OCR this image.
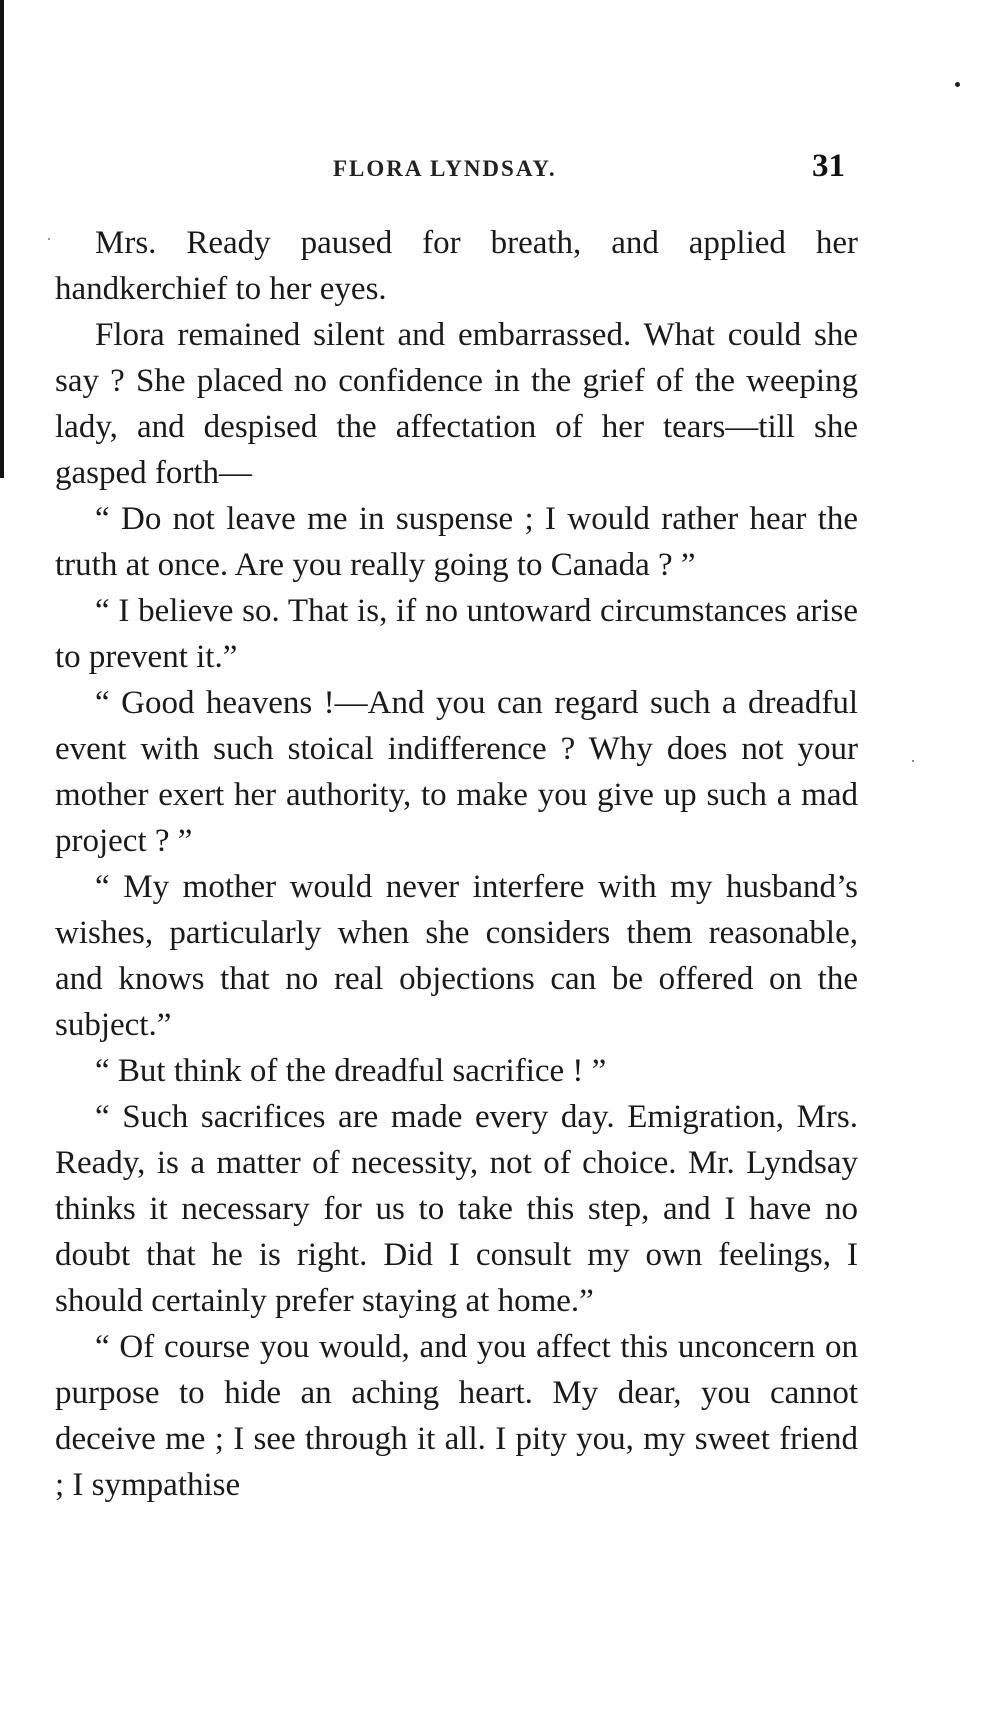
FLORA LYNDSAY.	31

Mrs. Ready paused for breath, and applied her handkerchief to her eyes.

Flora remained silent and embarrassed. What could she say ? She placed no confidence in the grief of the weeping lady, and despised the affectation of her tears—till she gasped forth—

“ Do not leave me in suspense ; I would rather hear the truth at once. Are you really going to Canada ? ”

“ I believe so. That is, if no untoward circumstances arise to prevent it.”

“ Good heavens !—And you can regard such a dreadful event with such stoical indifference ? Why does not your mother exert her authority, to make you give up such a mad project ? ”

“ My mother would never interfere with my husband’s wishes, particularly when she considers them reasonable, and knows that no real objections can be offered on the subject.”

“ But think of the dreadful sacrifice ! ”

“ Such sacrifices are made every day. Emigration, Mrs. Ready, is a matter of necessity, not of choice. Mr. Lyndsay thinks it necessary for us to take this step, and I have no doubt that he is right. Did I consult my own feelings, I should certainly prefer staying at home.”

“ Of course you would, and you affect this unconcern on purpose to hide an aching heart. My dear, you cannot deceive me ; I see through it all. I pity you, my sweet friend ; I sympathise
